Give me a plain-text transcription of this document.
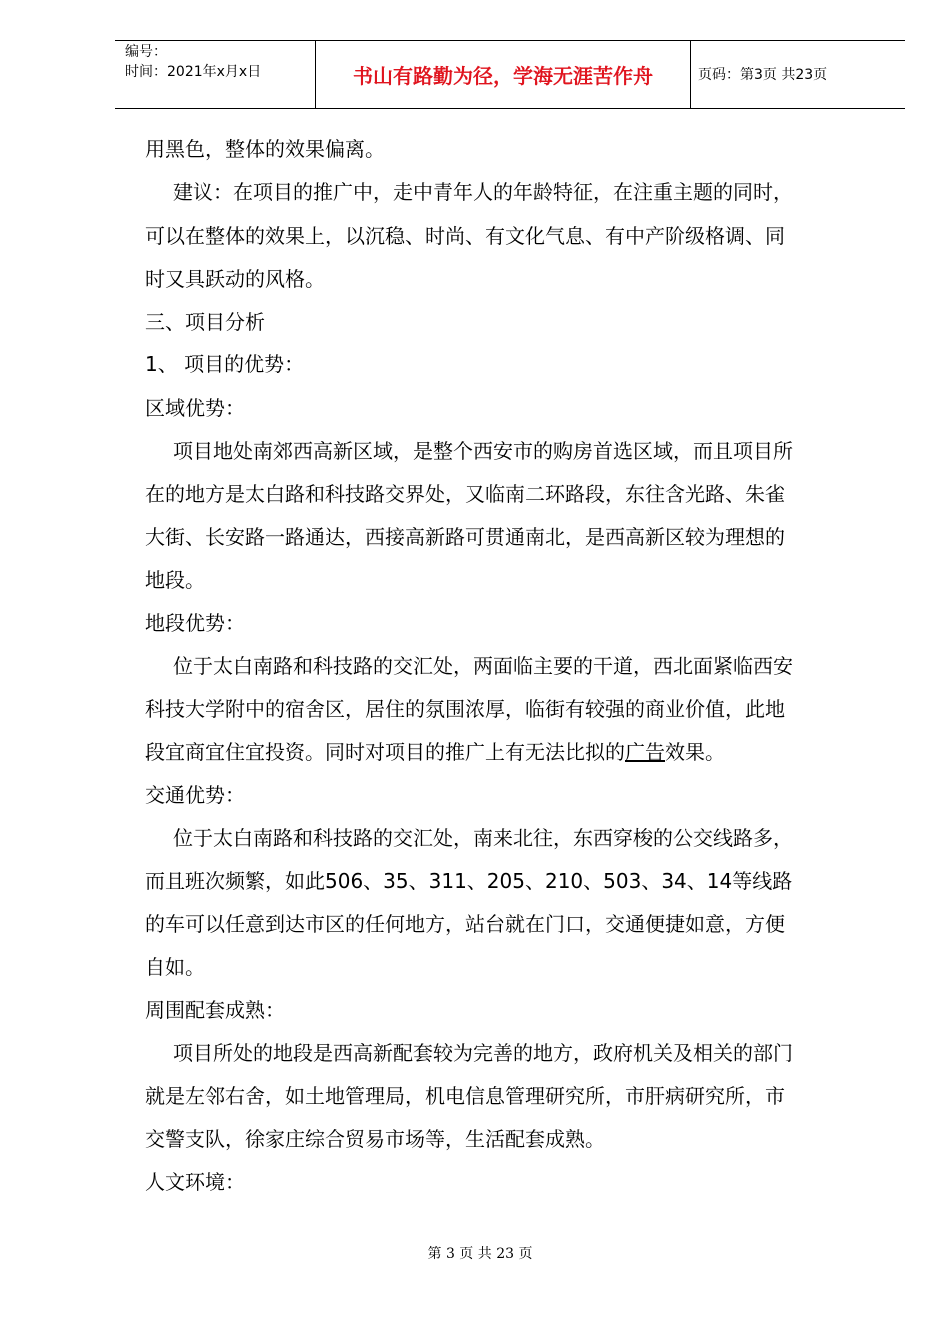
编号：
时间：2021年x月x日	书山有路勤为径，学海无涯苦作舟	页码：第3页 共23页
用黑色，整体的效果偏离。
建议：在项目的推广中，走中青年人的年龄特征，在注重主题的同时，
可以在整体的效果上，以沉稳、时尚、有文化气息、有中产阶级格调、同
时又具跃动的风格。
三、项目分析
1、 项目的优势：
区域优势：
项目地处南郊西高新区域，是整个西安市的购房首选区域，而且项目所
在的地方是太白路和科技路交界处，又临南二环路段，东往含光路、朱雀
大街、长安路一路通达，西接高新路可贯通南北，是西高新区较为理想的
地段。
地段优势：
位于太白南路和科技路的交汇处，两面临主要的干道，西北面紧临西安
科技大学附中的宿舍区，居住的氛围浓厚，临街有较强的商业价值，此地
段宜商宜住宜投资。同时对项目的推广上有无法比拟的广告效果。
交通优势：
位于太白南路和科技路的交汇处，南来北往，东西穿梭的公交线路多，
而且班次频繁，如此506、35、311、205、210、503、34、14等线路
的车可以任意到达市区的任何地方，站台就在门口，交通便捷如意，方便
自如。
周围配套成熟：
项目所处的地段是西高新配套较为完善的地方，政府机关及相关的部门
就是左邻右舍，如土地管理局，机电信息管理研究所，市肝病研究所，市
交警支队，徐家庄综合贸易市场等，生活配套成熟。
人文环境：
第 3 页 共 23 页
